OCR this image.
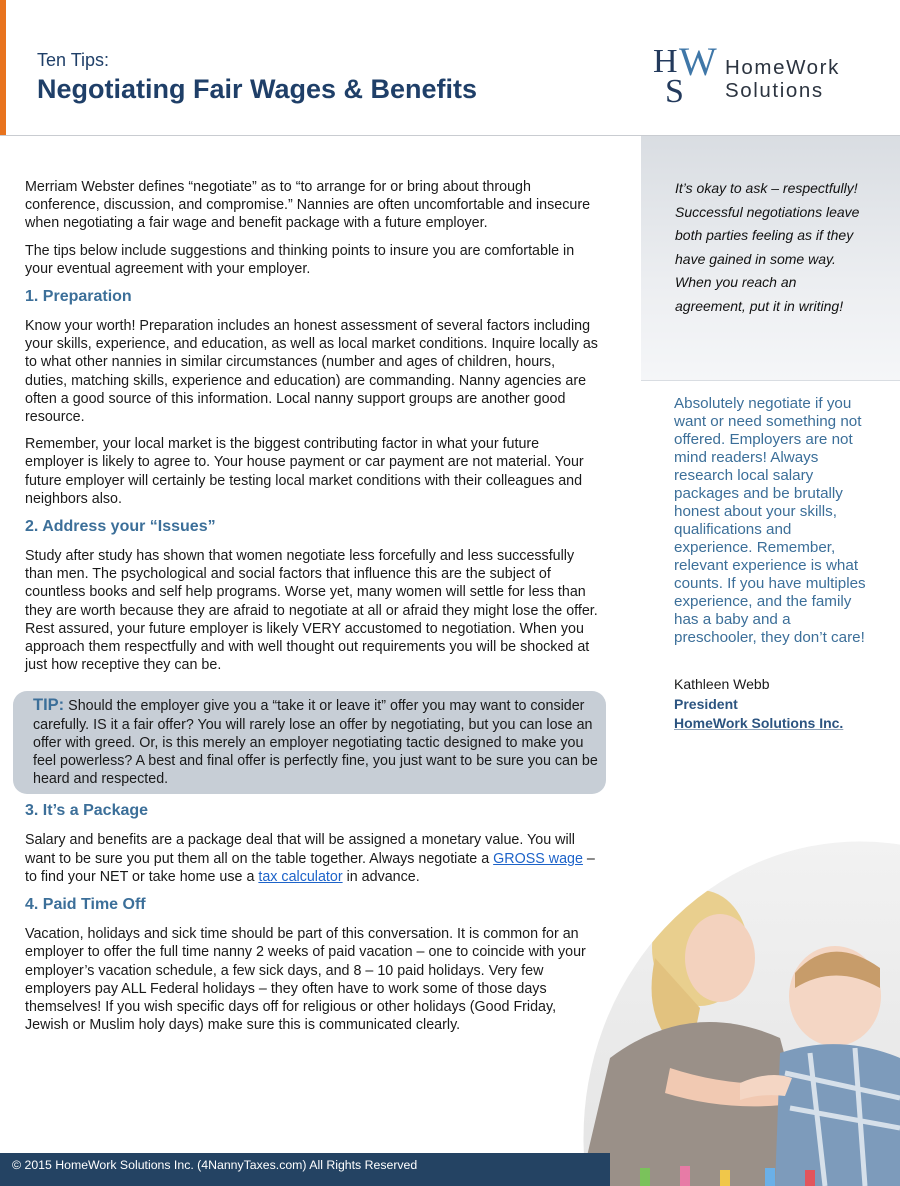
Ten Tips:
Negotiating Fair Wages & Benefits
H
S
W HomeWork
Solutions

Merriam Webster defines “negotiate” as to “to arrange for or bring about through conference, discussion, and compromise.” Nannies are often uncomfortable and insecure when negotiating a fair wage and benefit package with a future employer.

The tips below include suggestions and thinking points to insure you are comfortable in your eventual agreement with your employer.

1. Preparation

Know your worth! Preparation includes an honest assessment of several factors including your skills, experience, and education, as well as local market conditions. Inquire locally as to what other nannies in similar circumstances (number and ages of children, hours, duties, matching skills, experience and education) are commanding. Nanny agencies are often a good source of this information. Local nanny support groups are another good resource.

Remember, your local market is the biggest contributing factor in what your future employer is likely to agree to. Your house payment or car payment are not material. Your future employer will certainly be testing local market conditions with their colleagues and neighbors also.

2. Address your “Issues”

Study after study has shown that women negotiate less forcefully and less successfully than men. The psychological and social factors that influence this are the subject of countless books and self help programs. Worse yet, many women will settle for less than they are worth because they are afraid to negotiate at all or afraid they might lose the offer. Rest assured, your future employer is likely VERY accustomed to negotiation. When you approach them respectfully and with well thought out requirements you will be shocked at just how receptive they can be.

TIP: Should the employer give you a “take it or leave it” offer you may want to consider carefully. IS it a fair offer? You will rarely lose an offer by negotiating, but you can lose an offer with greed. Or, is this merely an employer negotiating tactic designed to make you feel powerless? A best and final offer is perfectly fine, you just want to be sure you can be heard and respected.
3. It’s a Package

Salary and benefits are a package deal that will be assigned a monetary value. You will want to be sure you put them all on the table together. Always negotiate a GROSS wage – to find your NET or take home use a tax calculator in advance.

4. Paid Time Off

Vacation, holidays and sick time should be part of this conversation. It is common for an employer to offer the full time nanny 2 weeks of paid vacation – one to coincide with your employer’s vacation schedule, a few sick days, and 8 – 10 paid holidays. Very few employers pay ALL Federal holidays – they often have to work some of those days themselves! If you wish specific days off for religious or other holidays (Good Friday, Jewish or Muslim holy days) make sure this is communicated clearly.

It’s okay to ask – respectfully! Successful negotiations leave both parties feeling as if they have gained in some way. When you reach an agreement, put it in writing!

Absolutely negotiate if you want or need something not offered. Employers are not mind readers! Always research local salary packages and be brutally honest about your skills, qualifications and experience. Remember, relevant experience is what counts. If you have multiples experience, and the family has a baby and a preschooler, they don’t care!

Kathleen Webb
President
HomeWork Solutions Inc.
© 2015 HomeWork Solutions Inc. (4NannyTaxes.com) All Rights Reserved
